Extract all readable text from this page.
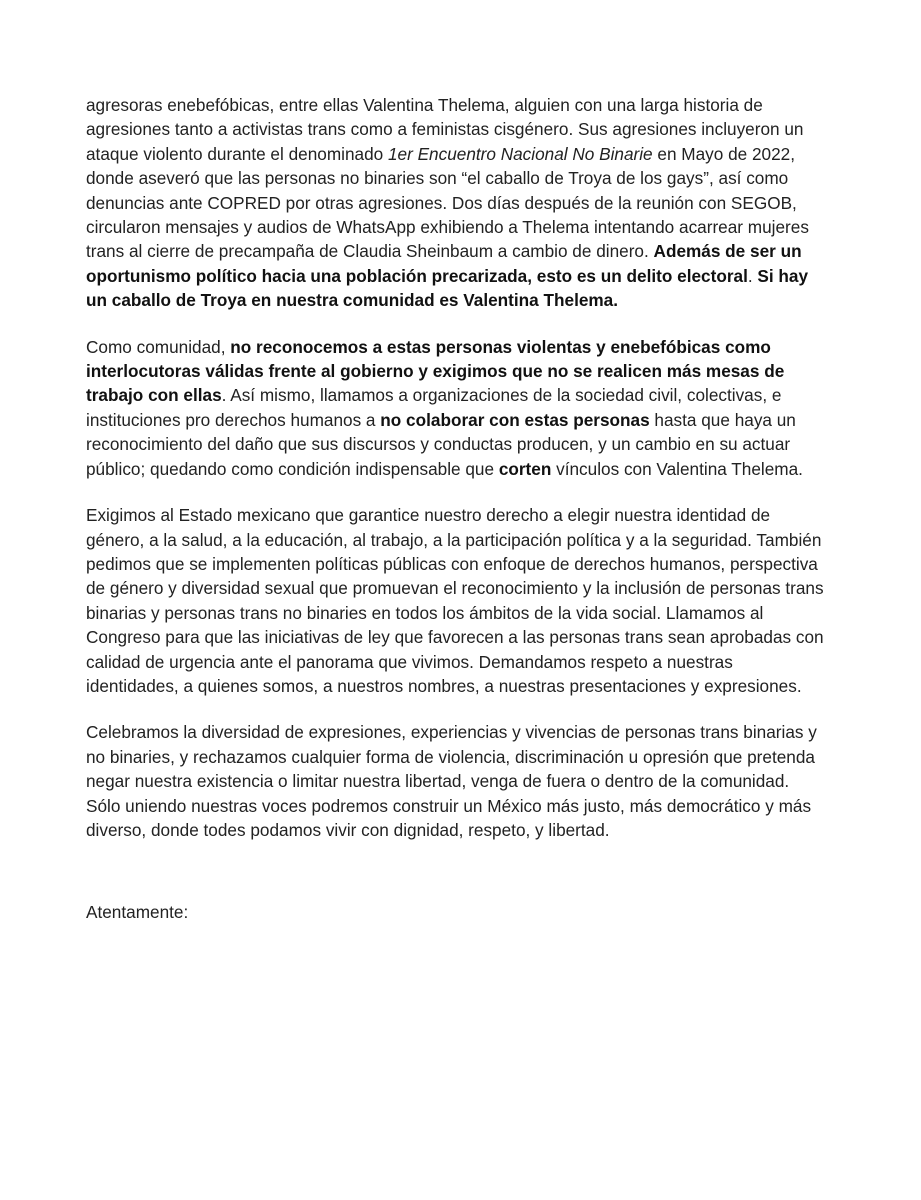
agresoras enebefóbicas, entre ellas Valentina Thelema, alguien con una larga historia de agresiones tanto a activistas trans como a feministas cisgénero. Sus agresiones incluyeron un ataque violento durante el denominado 1er Encuentro Nacional No Binarie en Mayo de 2022, donde aseveró que las personas no binaries son “el caballo de Troya de los gays”, así como denuncias ante COPRED por otras agresiones. Dos días después de la reunión con SEGOB, circularon mensajes y audios de WhatsApp exhibiendo a Thelema intentando acarrear mujeres trans al cierre de precampaña de Claudia Sheinbaum a cambio de dinero. Además de ser un oportunismo político hacia una población precarizada, esto es un delito electoral. Si hay un caballo de Troya en nuestra comunidad es Valentina Thelema.

Como comunidad, no reconocemos a estas personas violentas y enebefóbicas como interlocutoras válidas frente al gobierno y exigimos que no se realicen más mesas de trabajo con ellas. Así mismo, llamamos a organizaciones de la sociedad civil, colectivas, e instituciones pro derechos humanos a no colaborar con estas personas hasta que haya un reconocimiento del daño que sus discursos y conductas producen, y un cambio en su actuar público; quedando como condición indispensable que corten vínculos con Valentina Thelema.

Exigimos al Estado mexicano que garantice nuestro derecho a elegir nuestra identidad de género, a la salud, a la educación, al trabajo, a la participación política y a la seguridad. También pedimos que se implementen políticas públicas con enfoque de derechos humanos, perspectiva de género y diversidad sexual que promuevan el reconocimiento y la inclusión de personas trans binarias y personas trans no binaries en todos los ámbitos de la vida social. Llamamos al Congreso para que las iniciativas de ley que favorecen a las personas trans sean aprobadas con calidad de urgencia ante el panorama que vivimos. Demandamos respeto a nuestras identidades, a quienes somos, a nuestros nombres, a nuestras presentaciones y expresiones.

Celebramos la diversidad de expresiones, experiencias y vivencias de personas trans binarias y no binaries, y rechazamos cualquier forma de violencia, discriminación u opresión que pretenda negar nuestra existencia o limitar nuestra libertad, venga de fuera o dentro de la comunidad. Sólo uniendo nuestras voces podremos construir un México más justo, más democrático y más diverso, donde todes podamos vivir con dignidad, respeto, y libertad.

Atentamente:
